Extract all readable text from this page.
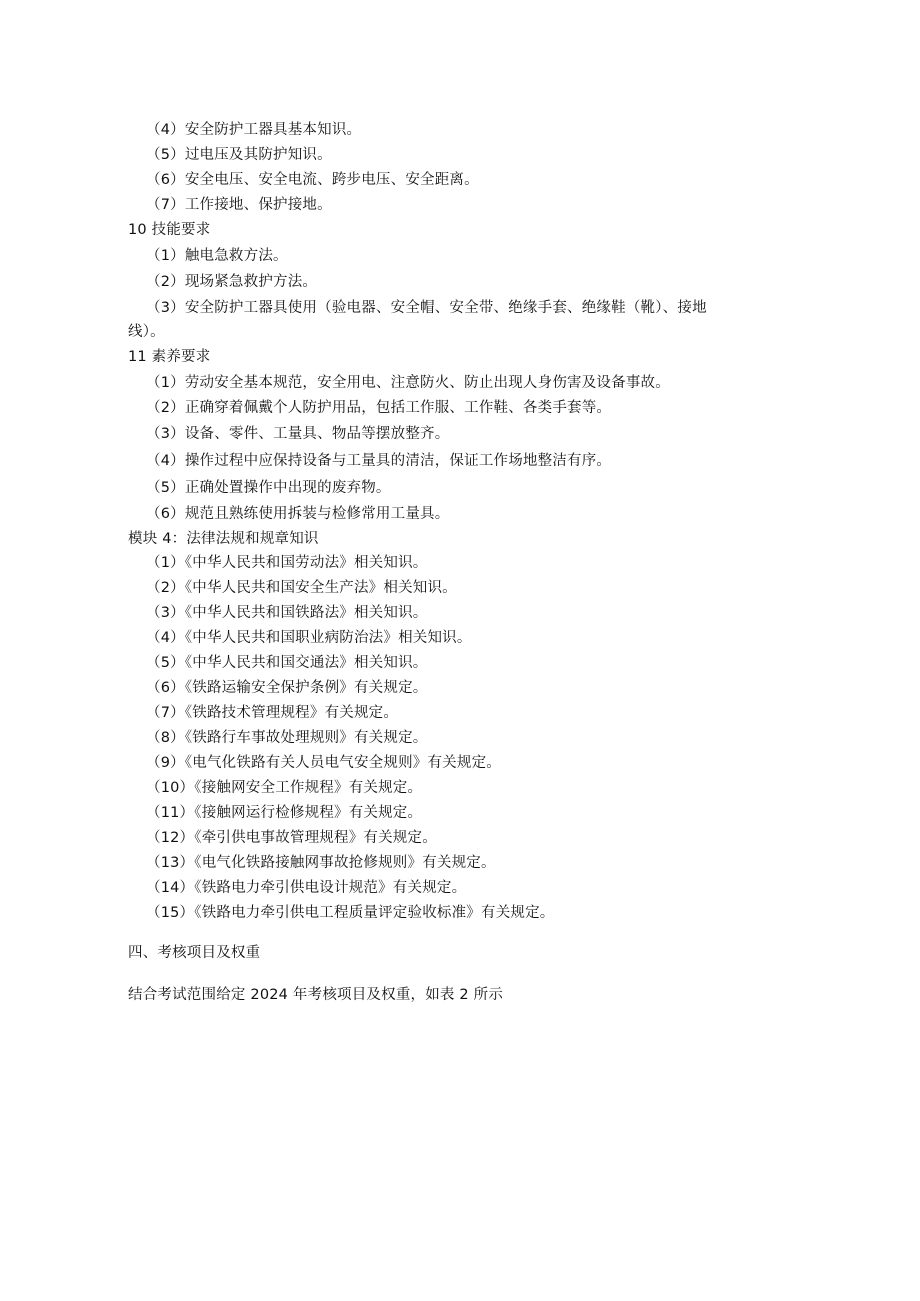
（4）安全防护工器具基本知识。
（5）过电压及其防护知识。
（6）安全电压、安全电流、跨步电压、安全距离。
（7）工作接地、保护接地。
10 技能要求
（1）触电急救方法。
（2）现场紧急救护方法。
（3）安全防护工器具使用（验电器、安全帽、安全带、绝缘手套、绝缘鞋（靴）、接地
线）。
11 素养要求
（1）劳动安全基本规范，安全用电、注意防火、防止出现人身伤害及设备事故。
（2）正确穿着佩戴个人防护用品，包括工作服、工作鞋、各类手套等。
（3）设备、零件、工量具、物品等摆放整齐。
（4）操作过程中应保持设备与工量具的清洁，保证工作场地整洁有序。
（5）正确处置操作中出现的废弃物。
（6）规范且熟练使用拆装与检修常用工量具。
模块 4：法律法规和规章知识
（1）《中华人民共和国劳动法》相关知识。
（2）《中华人民共和国安全生产法》相关知识。
（3）《中华人民共和国铁路法》相关知识。
（4）《中华人民共和国职业病防治法》相关知识。
（5）《中华人民共和国交通法》相关知识。
（6）《铁路运输安全保护条例》有关规定。
（7）《铁路技术管理规程》有关规定。
（8）《铁路行车事故处理规则》有关规定。
（9）《电气化铁路有关人员电气安全规则》有关规定。
（10）《接触网安全工作规程》有关规定。
（11）《接触网运行检修规程》有关规定。
（12）《牵引供电事故管理规程》有关规定。
（13）《电气化铁路接触网事故抢修规则》有关规定。
（14）《铁路电力牵引供电设计规范》有关规定。
（15）《铁路电力牵引供电工程质量评定验收标准》有关规定。
四、考核项目及权重
结合考试范围给定 2024 年考核项目及权重，如表 2 所示
